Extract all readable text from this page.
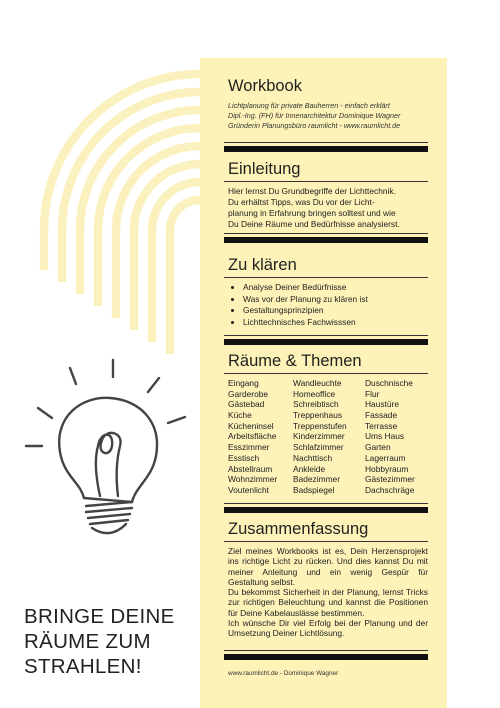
Workbook
Lichtplanung für private Bauherren - einfach erklärt
Dipl.-Ing. (FH) für Innenarchitektur Dominique Wagner
Gründerin Planungsbüro raumlicht - www.raumlicht.de
Einleitung
Hier lernst Du Grundbegriffe der Lichttechnik.
Du erhältst Tipps, was Du vor der Licht-
planung in Erfahrung bringen solltest und wie
Du Deine Räume und Bedürfnisse analysierst.
Zu klären
• Analyse Deiner Bedürfnisse
• Was vor der Planung zu klären ist
• Gestaltungsprinzipien
• Lichttechnisches Fachwisssen
Räume & Themen
Eingang
Garderobe
Gästebad
Küche
Kücheninsel
Arbeitsfläche
Esszimmer
Esstisch
Abstellraum
Wohnzimmer
Voutenlicht
Wandleuchte
Homeoffice
Schreibtisch
Treppenhaus
Treppenstufen
Kinderzimmer
Schlafzimmer
Nachttisch
Ankleide
Badezimmer
Badspiegel
Duschnische
Flur
Haustüre
Fassade
Terrasse
Ums Haus
Garten
Lagerraum
Hobbyraum
Gästezimmer
Dachschräge
Zusammenfassung
Ziel meines Workbooks ist es, Dein Herzensprojekt ins richtige Licht zu rücken. Und dies kannst Du mit meiner Anleitung und ein wenig Gespür für Gestaltung selbst.
Du bekommst Sicherheit in der Planung, lernst Tricks zur richtigen Beleuchtung und kannst die Positionen für Deine Kabelauslässe bestimmen.
Ich wünsche Dir viel Erfolg bei der Planung und der Umsetzung Deiner Lichtlösung.
www.raumlicht.de - Dominique Wagner
BRINGE DEINE
RÄUME ZUM
STRAHLEN!
